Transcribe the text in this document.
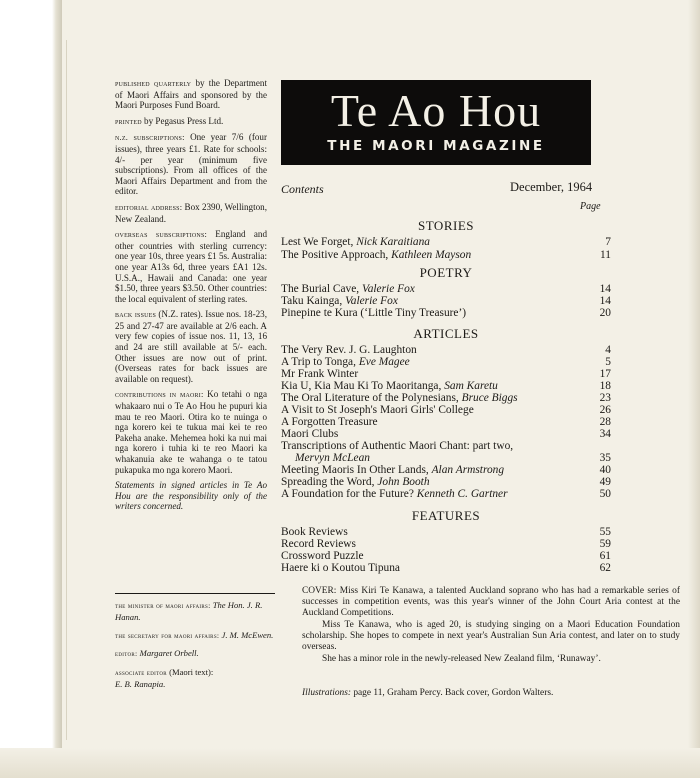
published quarterly by the Department of Maori Affairs and sponsored by the Maori Purposes Fund Board.

printed by Pegasus Press Ltd.

n.z. subscriptions: One year 7/6 (four issues), three years £1. Rate for schools: 4/- per year (minimum five subscriptions). From all offices of the Maori Affairs Department and from the editor.

editorial address: Box 2390, Wellington, New Zealand.

overseas subscriptions: England and other countries with sterling currency: one year 10s, three years £1 5s. Australia: one year A13s 6d, three years £A1 12s. U.S.A., Hawaii and Canada: one year $1.50, three years $3.50. Other countries: the local equivalent of sterling rates.

back issues (N.Z. rates). Issue nos. 18-23, 25 and 27-47 are available at 2/6 each. A very few copies of issue nos. 11, 13, 16 and 24 are still available at 5/- each. Other issues are now out of print. (Overseas rates for back issues are available on request).

contributions in maori: Ko tetahi o nga whakaaro nui o Te Ao Hou he pupuri kia mau te reo Maori. Otira ko te nuinga o nga korero kei te tukua mai kei te reo Pakeha anake. Mehemea hoki ka nui mai nga korero i tuhia ki te reo Maori ka whakanuia ake te wahanga o te tatou pukapuka mo nga korero Maori.

Statements in signed articles in Te Ao Hou are the responsibility only of the writers concerned.

the minister of maori affairs: The Hon. J. R. Hanan.
the secretary for maori affairs: J. M. McEwen.
editor: Margaret Orbell.
associate editor (Maori text):
E. B. Ranapia.
Te Ao Hou
THE MAORI MAGAZINE
Contents	December, 1964
Page
STORIES
Lest We Forget, Nick Karaitiana	7
The Positive Approach, Kathleen Mayson	11
POETRY
The Burial Cave, Valerie Fox	14
Taku Kainga, Valerie Fox	14
Pinepine te Kura (‘Little Tiny Treasure’)	20
ARTICLES
The Very Rev. J. G. Laughton	4
A Trip to Tonga, Eve Magee	5
Mr Frank Winter	17
Kia U, Kia Mau Ki To Maoritanga, Sam Karetu	18
The Oral Literature of the Polynesians, Bruce Biggs	23
A Visit to St Joseph's Maori Girls' College	26
A Forgotten Treasure	28
Maori Clubs	34
Transcriptions of Authentic Maori Chant: part two,
Mervyn McLean	35
Meeting Maoris In Other Lands, Alan Armstrong	40
Spreading the Word, John Booth	49
A Foundation for the Future? Kenneth C. Gartner	50
FEATURES
Book Reviews	55
Record Reviews	59
Crossword Puzzle	61
Haere ki o Koutou Tipuna	62

COVER: Miss Kiri Te Kanawa, a talented Auckland soprano who has had a remarkable series of successes in competition events, was this year's winner of the John Court Aria contest at the Auckland Competitions.

Miss Te Kanawa, who is aged 20, is studying singing on a Maori Education Foundation scholarship. She hopes to compete in next year's Australian Sun Aria contest, and later on to study overseas.

She has a minor role in the newly-released New Zealand film, ‘Runaway’.

Illustrations: page 11, Graham Percy. Back cover, Gordon Walters.
